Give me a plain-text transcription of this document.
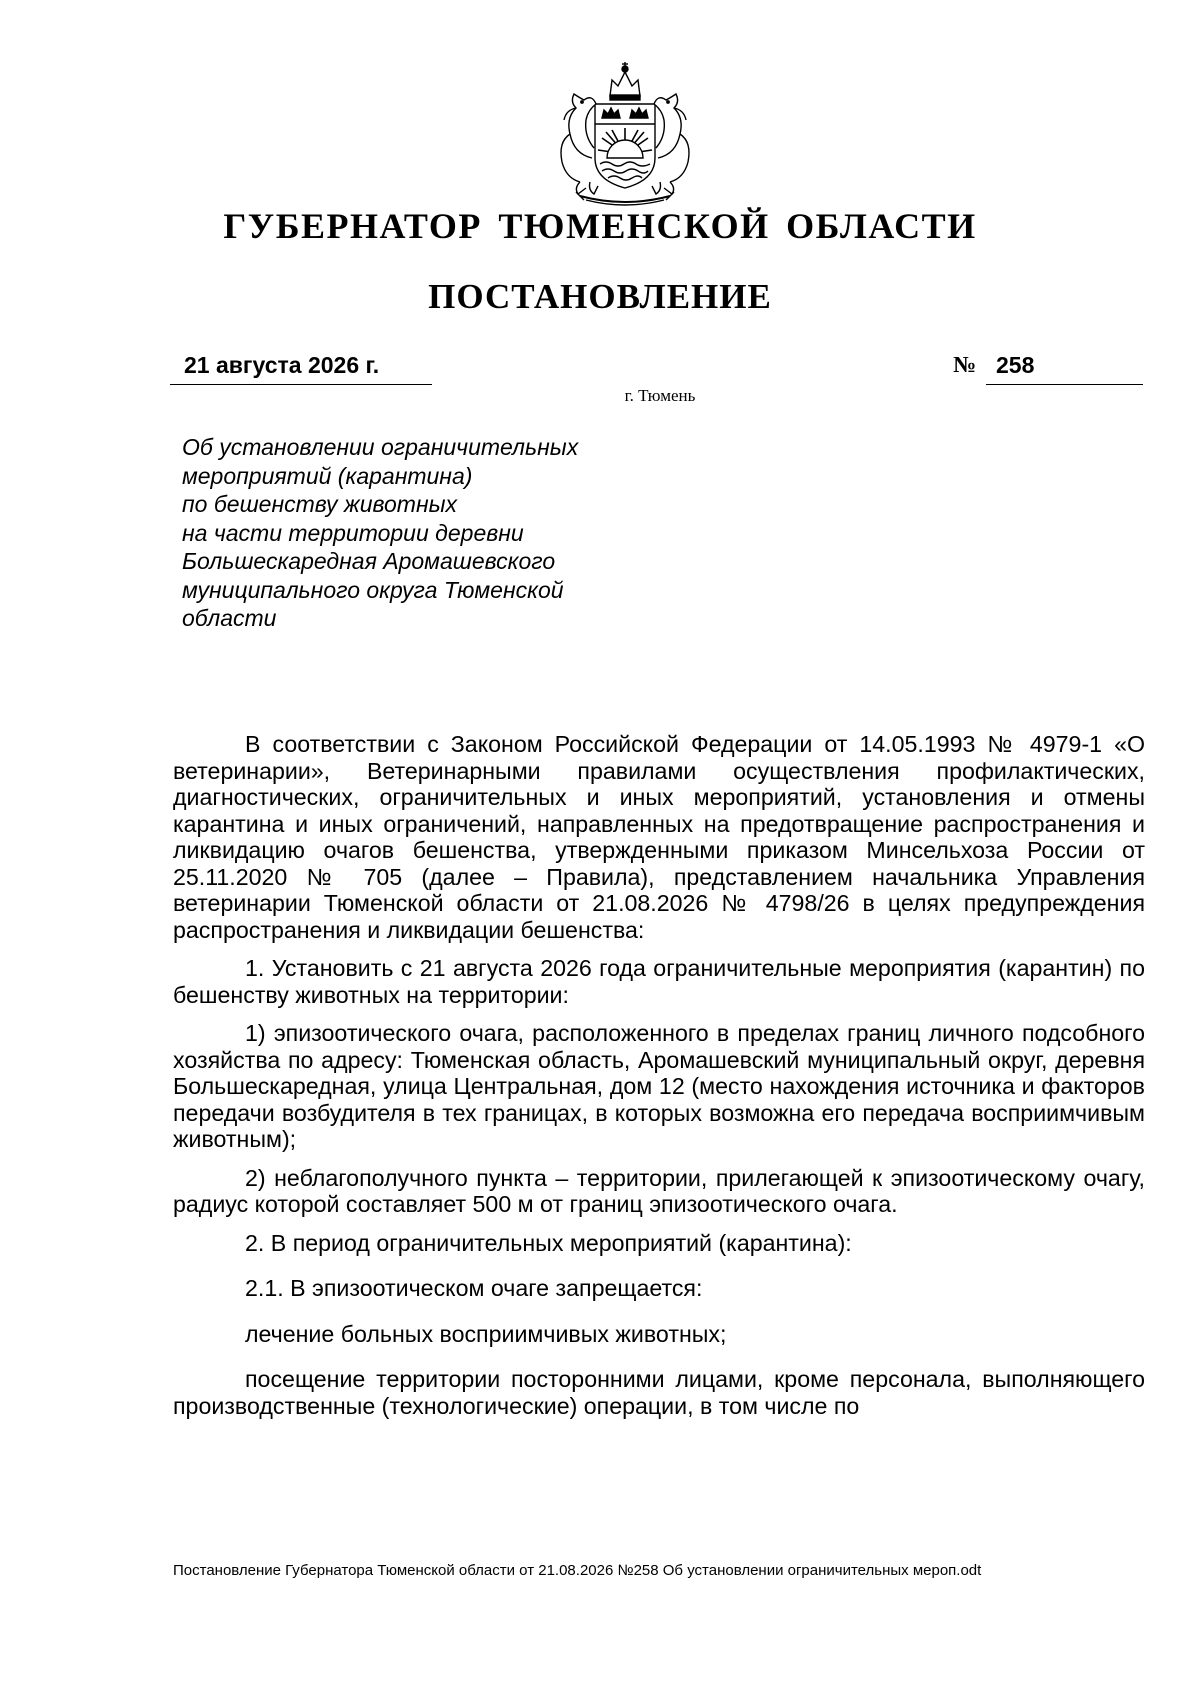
ГУБЕРНАТОР ТЮМЕНСКОЙ ОБЛАСТИ
ПОСТАНОВЛЕНИЕ
21 августа 2026 г.	№ 258
г. Тюмень
Об установлении ограничительных
мероприятий (карантина)
по бешенству животных
на части территории деревни
Большескаредная Аромашевского
муниципального округа Тюменской
области

В соответствии с Законом Российской Федерации от 14.05.1993 № 4979-1 «О ветеринарии», Ветеринарными правилами осуществления профилактических, диагностических, ограничительных и иных мероприятий, установления и отмены карантина и иных ограничений, направленных на предотвращение распространения и ликвидацию очагов бешенства, утвержденными приказом Минсельхоза России от 25.11.2020 № 705 (далее – Правила), представлением начальника Управления ветеринарии Тюменской области от 21.08.2026 № 4798/26 в целях предупреждения распространения и ликвидации бешенства:

1. Установить с 21 августа 2026 года ограничительные мероприятия (карантин) по бешенству животных на территории:

1) эпизоотического очага, расположенного в пределах границ личного подсобного хозяйства по адресу: Тюменская область, Аромашевский муниципальный округ, деревня Большескаредная, улица Центральная, дом 12 (место нахождения источника и факторов передачи возбудителя в тех границах, в которых возможна его передача восприимчивым животным);

2) неблагополучного пункта – территории, прилегающей к эпизоотическому очагу, радиус которой составляет 500 м от границ эпизоотического очага.

2. В период ограничительных мероприятий (карантина):

2.1. В эпизоотическом очаге запрещается:

лечение больных восприимчивых животных;

посещение территории посторонними лицами, кроме персонала, выполняющего производственные (технологические) операции, в том числе по

Постановление Губернатора Тюменской области от 21.08.2026 №258 Об установлении ограничительных мероп.odt
